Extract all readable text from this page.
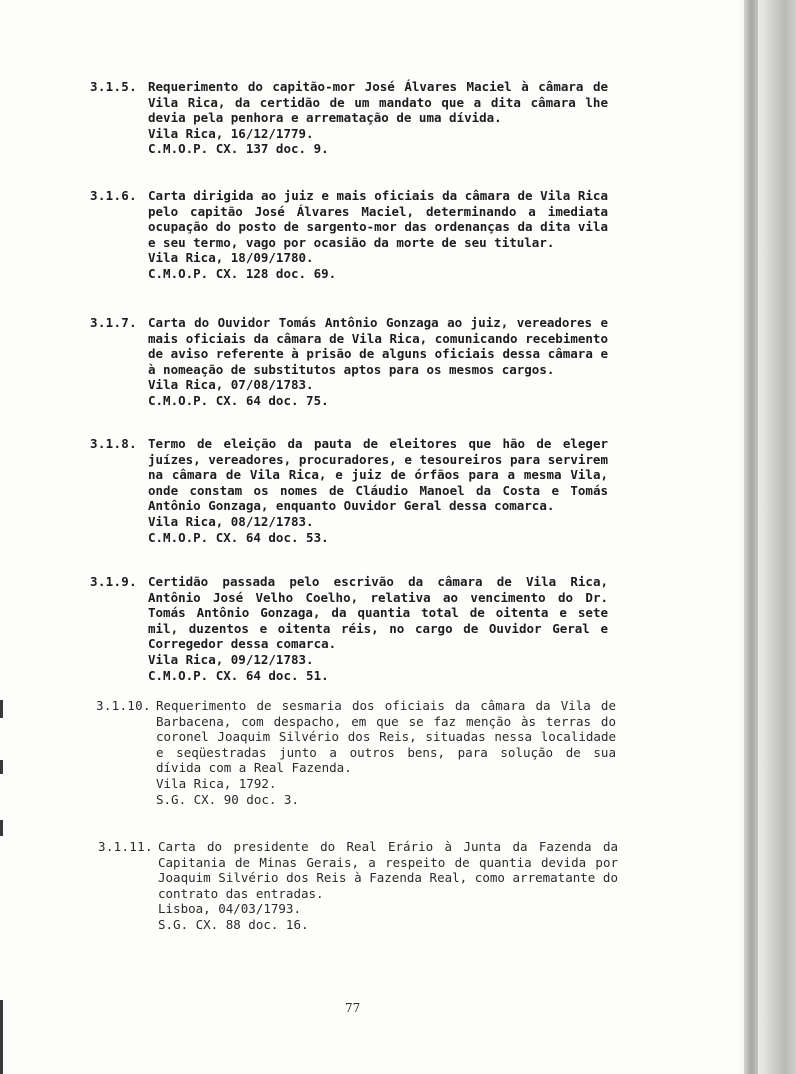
3.1.5. Requerimento do capitão-mor José Álvares Maciel à câmara de Vila Rica, da certidão de um mandato que a dita câmara lhe devia pela penhora e arrematação de uma dívida.
Vila Rica, 16/12/1779.
C.M.O.P. CX. 137 doc. 9.
3.1.6. Carta dirigida ao juiz e mais oficiais da câmara de Vila Rica pelo capitão José Álvares Maciel, determinando a imediata ocupação do posto de sargento-mor das ordenanças da dita vila e seu termo, vago por ocasião da morte de seu titular.
Vila Rica, 18/09/1780.
C.M.O.P. CX. 128 doc. 69.
3.1.7. Carta do Ouvidor Tomás Antônio Gonzaga ao juiz, vereadores e mais oficiais da câmara de Vila Rica, comunicando recebimento de aviso referente à prisão de alguns oficiais dessa câmara e à nomeação de substitutos aptos para os mesmos cargos.
Vila Rica, 07/08/1783.
C.M.O.P. CX. 64 doc. 75.
3.1.8. Termo de eleição da pauta de eleitores que hão de eleger juízes, vereadores, procuradores, e tesoureiros para servirem na câmara de Vila Rica, e juiz de órfãos para a mesma Vila, onde constam os nomes de Cláudio Manoel da Costa e Tomás Antônio Gonzaga, enquanto Ouvidor Geral dessa comarca.
Vila Rica, 08/12/1783.
C.M.O.P. CX. 64 doc. 53.
3.1.9. Certidão passada pelo escrivão da câmara de Vila Rica, Antônio José Velho Coelho, relativa ao vencimento do Dr. Tomás Antônio Gonzaga, da quantia total de oitenta e sete mil, duzentos e oitenta réis, no cargo de Ouvidor Geral e Corregedor dessa comarca.
Vila Rica, 09/12/1783.
C.M.O.P. CX. 64 doc. 51.
3.1.10. Requerimento de sesmaria dos oficiais da câmara da Vila de Barbacena, com despacho, em que se faz menção às terras do coronel Joaquim Silvério dos Reis, situadas nessa localidade e seqüestradas junto a outros bens, para solução de sua dívida com a Real Fazenda.
Vila Rica, 1792.
S.G. CX. 90 doc. 3.
3.1.11. Carta do presidente do Real Erário à Junta da Fazenda da Capitania de Minas Gerais, a respeito de quantia devida por Joaquim Silvério dos Reis à Fazenda Real, como arrematante do contrato das entradas.
Lisboa, 04/03/1793.
S.G. CX. 88 doc. 16.
77
